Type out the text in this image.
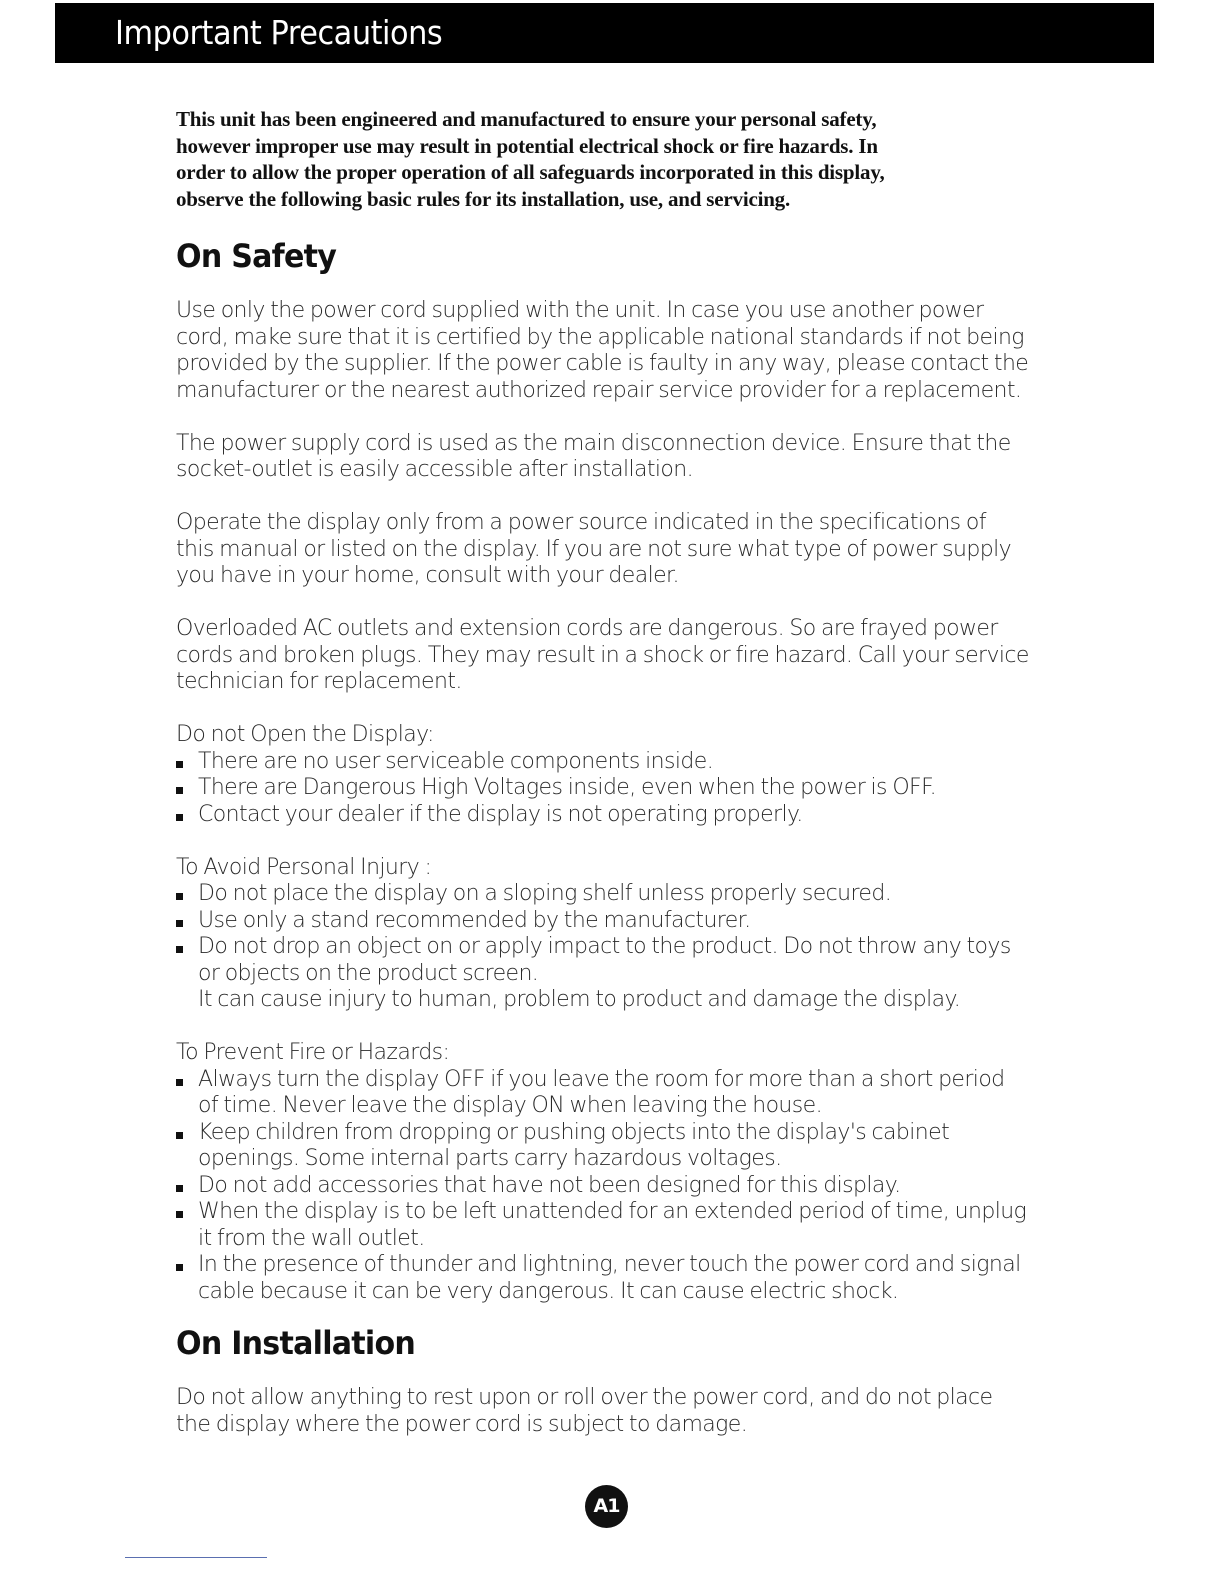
Important Precautions

This unit has been engineered and manufactured to ensure your personal safety,
however improper use may result in potential electrical shock or fire hazards. In
order to allow the proper operation of all safeguards incorporated in this display,
observe the following basic rules for its installation, use, and servicing.

On Safety

Use only the power cord supplied with the unit. In case you use another power
cord, make sure that it is certified by the applicable national standards if not being
provided by the supplier. If the power cable is faulty in any way, please contact the
manufacturer or the nearest authorized repair service provider for a replacement.

The power supply cord is used as the main disconnection device. Ensure that the
socket-outlet is easily accessible after installation.

Operate the display only from a power source indicated in the specifications of
this manual or listed on the display. If you are not sure what type of power supply
you have in your home, consult with your dealer.

Overloaded AC outlets and extension cords are dangerous. So are frayed power
cords and broken plugs. They may result in a shock or fire hazard. Call your service
technician for replacement.

Do not Open the Display:

There are no user serviceable components inside.
There are Dangerous High Voltages inside, even when the power is OFF.
Contact your dealer if the display is not operating properly.

To Avoid Personal Injury :

Do not place the display on a sloping shelf unless properly secured.
Use only a stand recommended by the manufacturer.
Do not drop an object on or apply impact to the product. Do not throw any toys
or objects on the product screen.
It can cause injury to human, problem to product and damage the display.

To Prevent Fire or Hazards:

Always turn the display OFF if you leave the room for more than a short period
of time. Never leave the display ON when leaving the house.
Keep children from dropping or pushing objects into the display's cabinet
openings. Some internal parts carry hazardous voltages.
Do not add accessories that have not been designed for this display.
When the display is to be left unattended for an extended period of time, unplug
it from the wall outlet.
In the presence of thunder and lightning, never touch the power cord and signal
cable because it can be very dangerous. It can cause electric shock.
On Installation

Do not allow anything to rest upon or roll over the power cord, and do not place
the display where the power cord is subject to damage.

A1
